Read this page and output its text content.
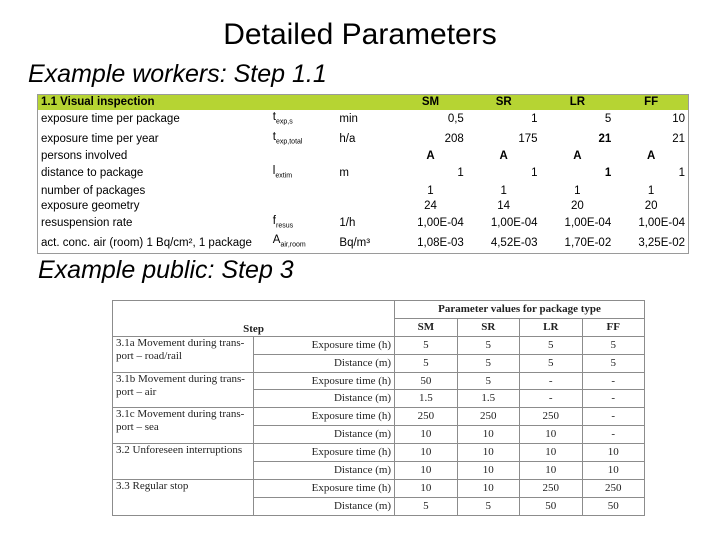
Detailed Parameters
Example workers: Step 1.1
Example public: Step 3
1.1 Visual inspection			SM	SR	LR	FF
exposure time per package	$t_{exp,s}$	min	0,5	1	5	10
exposure time per year	$t_{exp,total}$	h/a	208	175	21	21
persons involved			A	A	A	A
distance to package	$l_{extim}$	m	1	1	1	1
number of packages			1	1	1	1
exposure geometry			24	14	20	20
resuspension rate	$f_{resus}$	1/h	1,00E-04	1,00E-04	1,00E-04	1,00E-04
act. conc. air (room) 1 Bq/cm², 1 package	$A_{air,room}$	Bq/m³	1,08E-03	4,52E-03	1,70E-02	3,25E-02
Step		Parameter values for package type			
		SM	SR	LR	FF
3.1a Movement during trans-port – road/rail	Exposure time (h)	5	5	5	5
	Distance (m)	5	5	5	5
3.1b Movement during trans-port – air	Exposure time (h)	50	5	-	-
	Distance (m)	1.5	1.5	-	-
3.1c Movement during trans-port – sea	Exposure time (h)	250	250	250	-
	Distance (m)	10	10	10	-
3.2 Unforeseen interruptions	Exposure time (h)	10	10	10	10
	Distance (m)	10	10	10	10
3.3 Regular stop	Exposure time (h)	10	10	250	250
	Distance (m)	5	5	50	50
